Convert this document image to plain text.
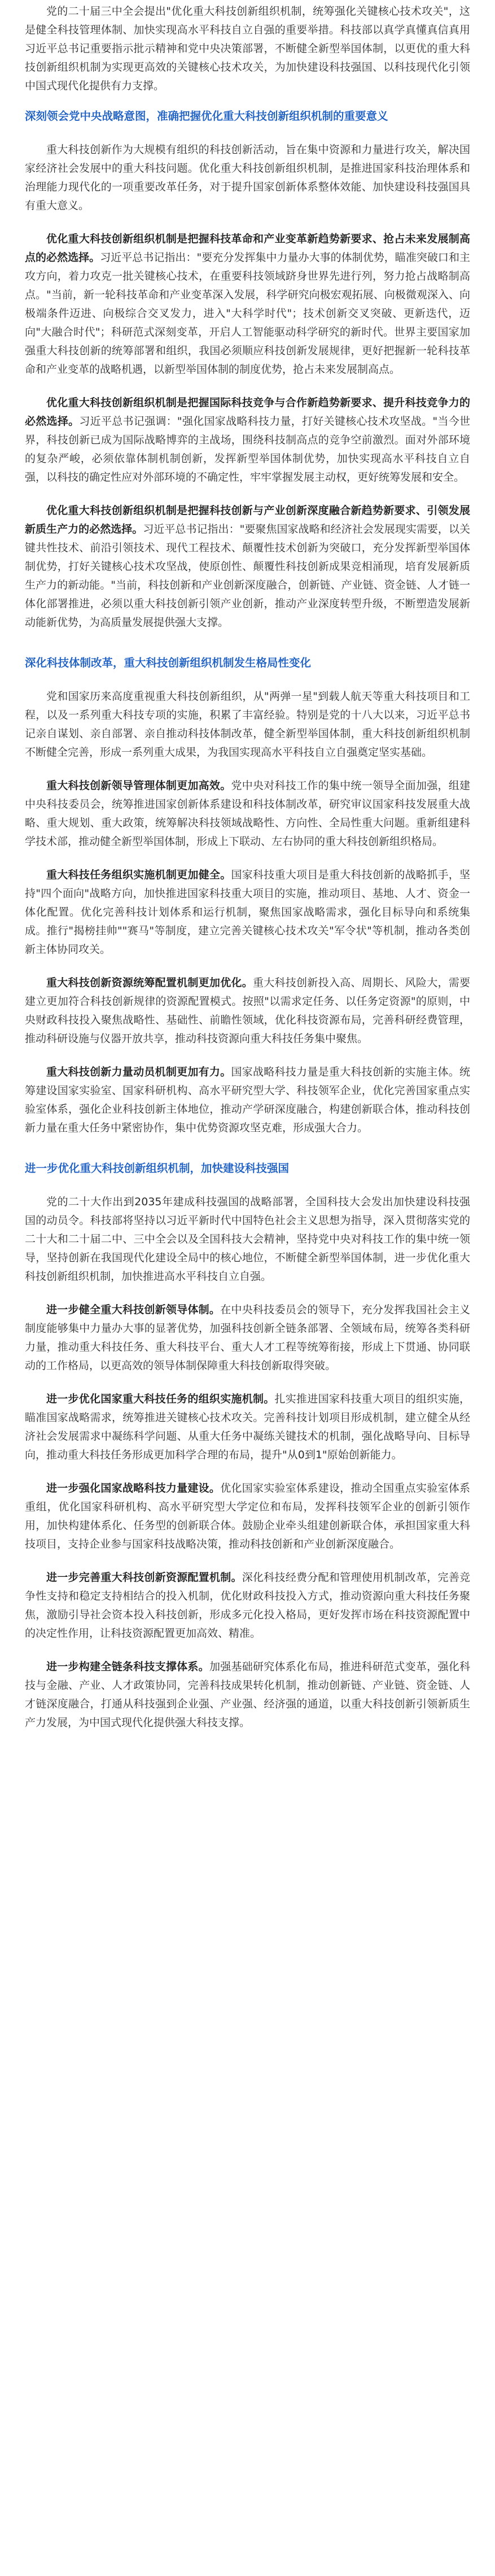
党的二十届三中全会提出"优化重大科技创新组织机制，统筹强化关键核心技术攻关"，这是健全科技管理体制、加快实现高水平科技自立自强的重要举措。科技部以真学真懂真信真用习近平总书记重要指示批示精神和党中央决策部署，不断健全新型举国体制，以更优的重大科技创新组织机制为实现更高效的关键核心技术攻关，为加快建设科技强国、以科技现代化引领中国式现代化提供有力支撑。

深刻领会党中央战略意图，准确把握优化重大科技创新组织机制的重要意义

重大科技创新作为大规模有组织的科技创新活动，旨在集中资源和力量进行攻关，解决国家经济社会发展中的重大科技问题。优化重大科技创新组织机制，是推进国家科技治理体系和治理能力现代化的一项重要改革任务，对于提升国家创新体系整体效能、加快建设科技强国具有重大意义。

优化重大科技创新组织机制是把握科技革命和产业变革新趋势新要求、抢占未来发展制高点的必然选择。习近平总书记指出："要充分发挥集中力量办大事的体制优势，瞄准突破口和主攻方向，着力攻克一批关键核心技术，在重要科技领域跻身世界先进行列，努力抢占战略制高点。"当前，新一轮科技革命和产业变革深入发展，科学研究向极宏观拓展、向极微观深入、向极端条件迈进、向极综合交叉发力，进入"大科学时代"；技术创新交叉突破、更新迭代，迈向"大融合时代"；科研范式深刻变革，开启人工智能驱动科学研究的新时代。世界主要国家加强重大科技创新的统筹部署和组织，我国必须顺应科技创新发展规律，更好把握新一轮科技革命和产业变革的战略机遇，以新型举国体制的制度优势，抢占未来发展制高点。

优化重大科技创新组织机制是把握国际科技竞争与合作新趋势新要求、提升科技竞争力的必然选择。习近平总书记强调："强化国家战略科技力量，打好关键核心技术攻坚战。"当今世界，科技创新已成为国际战略博弈的主战场，围绕科技制高点的竞争空前激烈。面对外部环境的复杂严峻，必须依靠体制机制创新，发挥新型举国体制优势，加快实现高水平科技自立自强，以科技的确定性应对外部环境的不确定性，牢牢掌握发展主动权，更好统筹发展和安全。

优化重大科技创新组织机制是把握科技创新与产业创新深度融合新趋势新要求、引领发展新质生产力的必然选择。习近平总书记指出："要聚焦国家战略和经济社会发展现实需要，以关键共性技术、前沿引领技术、现代工程技术、颠覆性技术创新为突破口，充分发挥新型举国体制优势，打好关键核心技术攻坚战，使原创性、颠覆性科技创新成果竞相涌现，培育发展新质生产力的新动能。"当前，科技创新和产业创新深度融合，创新链、产业链、资金链、人才链一体化部署推进，必须以重大科技创新引领产业创新，推动产业深度转型升级，不断塑造发展新动能新优势，为高质量发展提供强大支撑。

深化科技体制改革，重大科技创新组织机制发生格局性变化

党和国家历来高度重视重大科技创新组织，从"两弹一星"到载人航天等重大科技项目和工程，以及一系列重大科技专项的实施，积累了丰富经验。特别是党的十八大以来，习近平总书记亲自谋划、亲自部署、亲自推动科技体制改革，健全新型举国体制，重大科技创新组织机制不断健全完善，形成一系列重大成果，为我国实现高水平科技自立自强奠定坚实基础。

重大科技创新领导管理体制更加高效。党中央对科技工作的集中统一领导全面加强，组建中央科技委员会，统筹推进国家创新体系建设和科技体制改革，研究审议国家科技发展重大战略、重大规划、重大政策，统筹解决科技领域战略性、方向性、全局性重大问题。重新组建科学技术部，推动健全新型举国体制，形成上下联动、左右协同的重大科技创新组织格局。

重大科技任务组织实施机制更加健全。国家科技重大项目是重大科技创新的战略抓手，坚持"四个面向"战略方向，加快推进国家科技重大项目的实施，推动项目、基地、人才、资金一体化配置。优化完善科技计划体系和运行机制，聚焦国家战略需求，强化目标导向和系统集成。推行"揭榜挂帅""赛马"等制度，建立完善关键核心技术攻关"军令状"等机制，推动各类创新主体协同攻关。

重大科技创新资源统筹配置机制更加优化。重大科技创新投入高、周期长、风险大，需要建立更加符合科技创新规律的资源配置模式。按照"以需求定任务、以任务定资源"的原则，中央财政科技投入聚焦战略性、基础性、前瞻性领域，优化科技资源布局，完善科研经费管理，推动科研设施与仪器开放共享，推动科技资源向重大科技任务集中聚焦。

重大科技创新力量动员机制更加有力。国家战略科技力量是重大科技创新的实施主体。统筹建设国家实验室、国家科研机构、高水平研究型大学、科技领军企业，优化完善国家重点实验室体系，强化企业科技创新主体地位，推动产学研深度融合，构建创新联合体，推动科技创新力量在重大任务中紧密协作，集中优势资源攻坚克难，形成强大合力。

进一步优化重大科技创新组织机制，加快建设科技强国

党的二十大作出到2035年建成科技强国的战略部署，全国科技大会发出加快建设科技强国的动员令。科技部将坚持以习近平新时代中国特色社会主义思想为指导，深入贯彻落实党的二十大和二十届二中、三中全会以及全国科技大会精神，坚持党中央对科技工作的集中统一领导，坚持创新在我国现代化建设全局中的核心地位，不断健全新型举国体制，进一步优化重大科技创新组织机制，加快推进高水平科技自立自强。

进一步健全重大科技创新领导体制。在中央科技委员会的领导下，充分发挥我国社会主义制度能够集中力量办大事的显著优势，加强科技创新全链条部署、全领域布局，统筹各类科研力量，推动重大科技任务、重大科技平台、重大人才工程等统筹衔接，形成上下贯通、协同联动的工作格局，以更高效的领导体制保障重大科技创新取得突破。

进一步优化国家重大科技任务的组织实施机制。扎实推进国家科技重大项目的组织实施，瞄准国家战略需求，统筹推进关键核心技术攻关。完善科技计划项目形成机制，建立健全从经济社会发展需求中凝练科学问题、从重大任务中凝练关键技术的机制，强化战略导向、目标导向，推动重大科技任务形成更加科学合理的布局，提升"从0到1"原始创新能力。

进一步强化国家战略科技力量建设。优化国家实验室体系建设，推动全国重点实验室体系重组，优化国家科研机构、高水平研究型大学定位和布局，发挥科技领军企业的创新引领作用，加快构建体系化、任务型的创新联合体。鼓励企业牵头组建创新联合体，承担国家重大科技项目，支持企业参与国家科技战略决策，推动科技创新和产业创新深度融合。

进一步完善重大科技创新资源配置机制。深化科技经费分配和管理使用机制改革，完善竞争性支持和稳定支持相结合的投入机制，优化财政科技投入方式，推动资源向重大科技任务聚焦，激励引导社会资本投入科技创新，形成多元化投入格局，更好发挥市场在科技资源配置中的决定性作用，让科技资源配置更加高效、精准。

进一步构建全链条科技支撑体系。加强基础研究体系化布局，推进科研范式变革，强化科技与金融、产业、人才政策协同，完善科技成果转化机制，推动创新链、产业链、资金链、人才链深度融合，打通从科技强到企业强、产业强、经济强的通道，以重大科技创新引领新质生产力发展，为中国式现代化提供强大科技支撑。
